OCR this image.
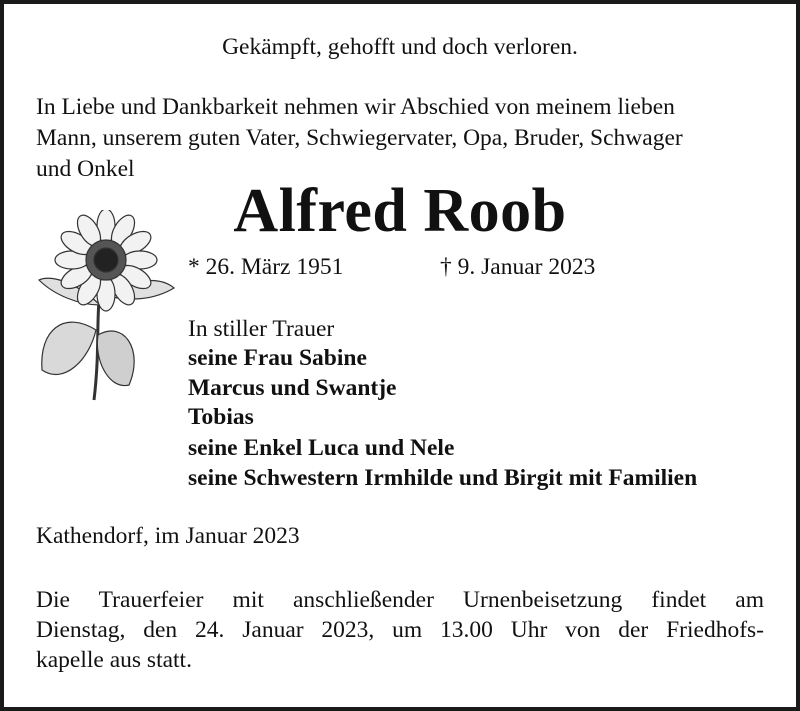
Gekämpft, gehofft und doch verloren.
In Liebe und Dankbarkeit nehmen wir Abschied von meinem lieben
Mann, unserem guten Vater, Schwiegervater, Opa, Bruder, Schwager
und Onkel
Alfred Roob
* 26. März 1951	† 9. Januar 2023
In stiller Trauer
seine Frau Sabine
Marcus und Swantje
Tobias
seine Enkel Luca und Nele
seine Schwestern Irmhilde und Birgit mit Familien
Kathendorf, im Januar 2023
Die Trauerfeier mit anschließender Urnenbeisetzung findet am
Dienstag, den 24. Januar 2023, um 13.00 Uhr von der Friedhofs-
kapelle aus statt.
